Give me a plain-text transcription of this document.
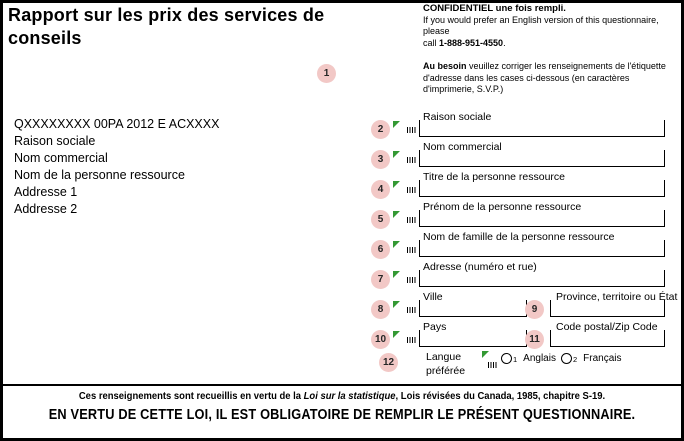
Rapport sur les prix des services de conseils
1
CONFIDENTIEL une fois rempli.
If you would prefer an English version of this questionnaire, please
call 1-888-951-4550.
Au besoin veuillez corriger les renseignements de l'étiquette d'adresse dans les cases ci-dessous (en caractères d'imprimerie, S.V.P.)
QXXXXXXXX 00PA 2012 E ACXXXX
Raison sociale
Nom commercial
Nom de la personne ressource
Addresse 1
Addresse 2
2
Raison sociale
3
Nom commercial
4
Titre de la personne ressource
5
Prénom de la personne ressource
6
Nom de famille de la personne ressource
7
Adresse (numéro et rue)
8
Ville
9
Province, territoire ou État
10
Pays
11
Code postal/Zip Code
12	Langue préférée
1 Anglais 2 Français
Ces renseignements sont recueillis en vertu de la Loi sur la statistique, Lois révisées du Canada, 1985, chapitre S-19.
EN VERTU DE CETTE LOI, IL EST OBLIGATOIRE DE REMPLIR LE PRÉSENT QUESTIONNAIRE.
